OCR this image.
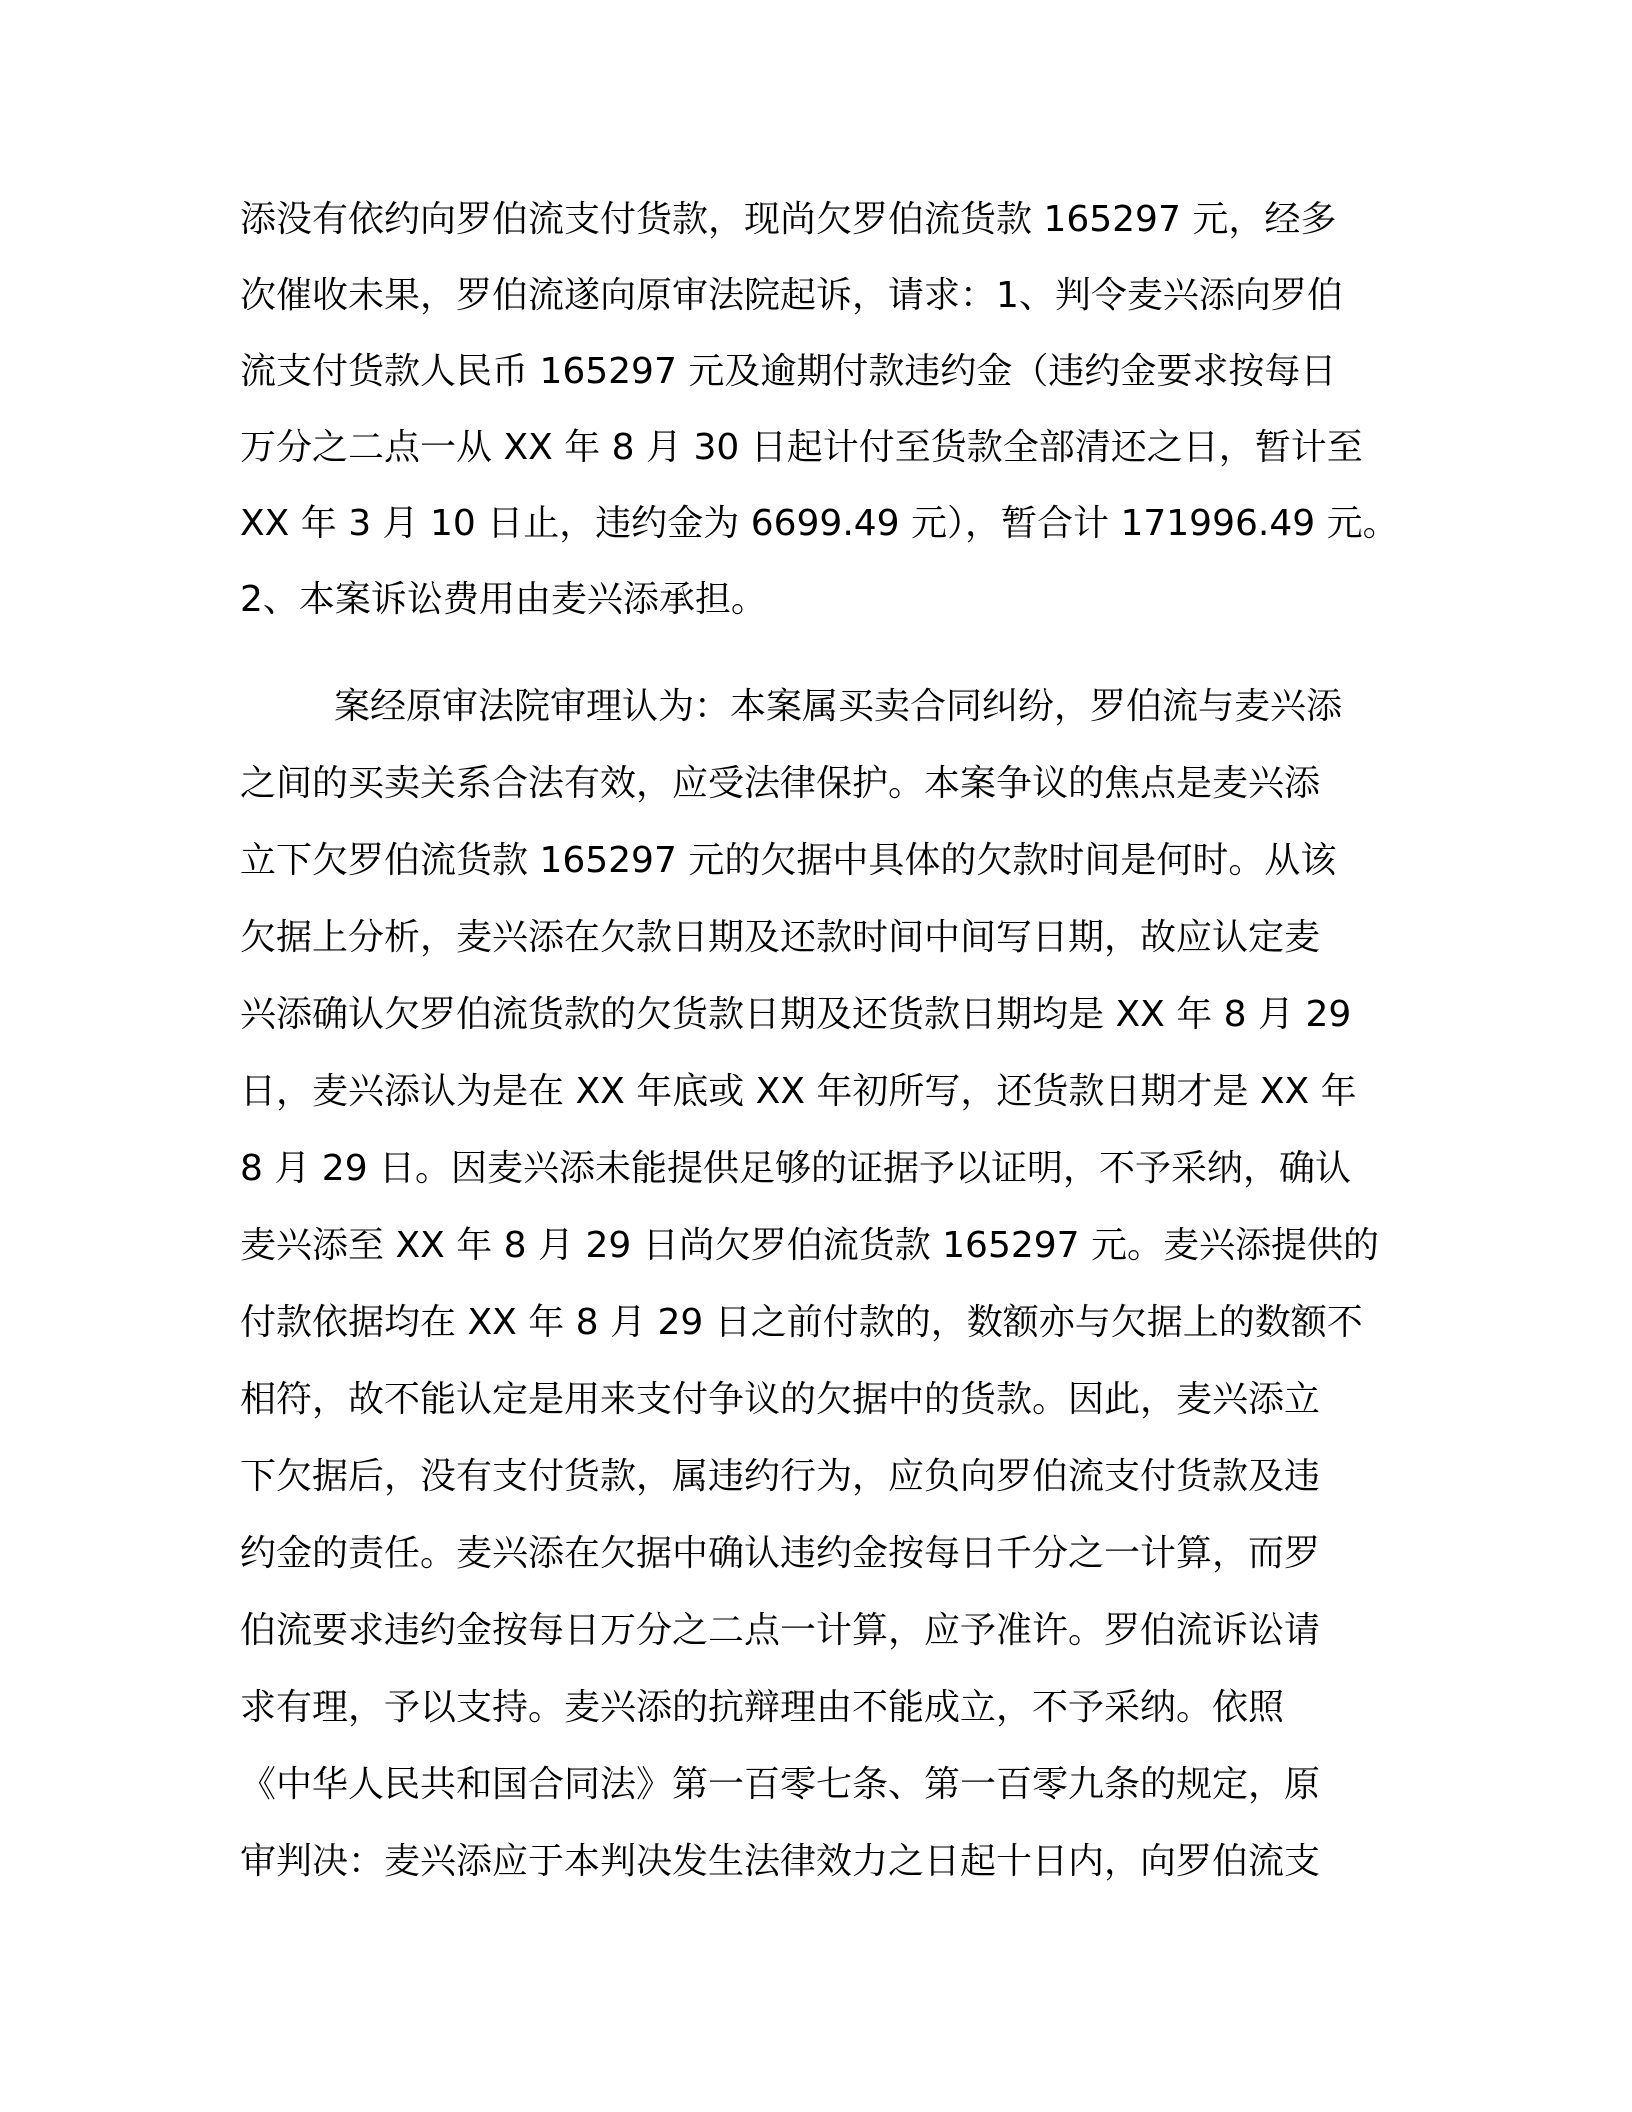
添没有依约向罗伯流支付货款，现尚欠罗伯流货款 165297 元，经多
次催收未果，罗伯流遂向原审法院起诉，请求：1、判令麦兴添向罗伯
流支付货款人民币 165297 元及逾期付款违约金（违约金要求按每日
万分之二点一从 XX 年 8 月 30 日起计付至货款全部清还之日，暂计至
XX 年 3 月 10 日止，违约金为 6699.49 元），暂合计 171996.49 元。
2、本案诉讼费用由麦兴添承担。
案经原审法院审理认为：本案属买卖合同纠纷，罗伯流与麦兴添
之间的买卖关系合法有效，应受法律保护。本案争议的焦点是麦兴添
立下欠罗伯流货款 165297 元的欠据中具体的欠款时间是何时。从该
欠据上分析，麦兴添在欠款日期及还款时间中间写日期，故应认定麦
兴添确认欠罗伯流货款的欠货款日期及还货款日期均是 XX 年 8 月 29
日，麦兴添认为是在 XX 年底或 XX 年初所写，还货款日期才是 XX 年
8 月 29 日。因麦兴添未能提供足够的证据予以证明，不予采纳，确认
麦兴添至 XX 年 8 月 29 日尚欠罗伯流货款 165297 元。麦兴添提供的
付款依据均在 XX 年 8 月 29 日之前付款的，数额亦与欠据上的数额不
相符，故不能认定是用来支付争议的欠据中的货款。因此，麦兴添立
下欠据后，没有支付货款，属违约行为，应负向罗伯流支付货款及违
约金的责任。麦兴添在欠据中确认违约金按每日千分之一计算，而罗
伯流要求违约金按每日万分之二点一计算，应予准许。罗伯流诉讼请
求有理，予以支持。麦兴添的抗辩理由不能成立，不予采纳。依照
《中华人民共和国合同法》第一百零七条、第一百零九条的规定，原
审判决：麦兴添应于本判决发生法律效力之日起十日内，向罗伯流支
